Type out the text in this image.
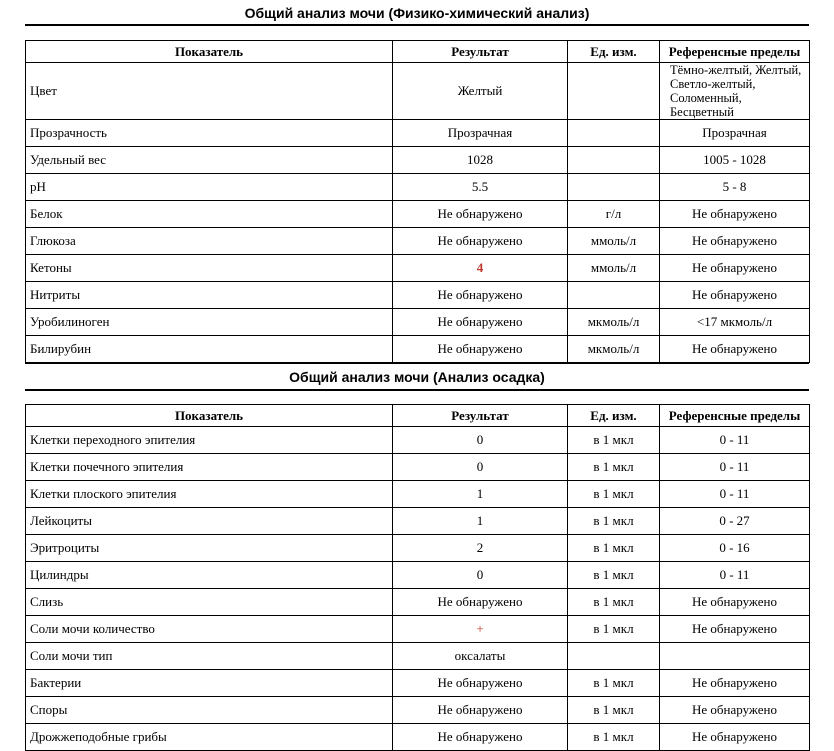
Общий анализ мочи (Физико-химический анализ)
Показатель	Результат	Ед. изм.	Референсные пределы
Цвет	Желтый		Тёмно-желтый, Желтый, Светло-желтый, Соломенный, Бесцветный
Прозрачность	Прозрачная		Прозрачная
Удельный вес	1028		1005 - 1028
pH	5.5		5 - 8
Белок	Не обнаружено	г/л	Не обнаружено
Глюкоза	Не обнаружено	ммоль/л	Не обнаружено
Кетоны	4	ммоль/л	Не обнаружено
Нитриты	Не обнаружено		Не обнаружено
Уробилиноген	Не обнаружено	мкмоль/л	<17 мкмоль/л
Билирубин	Не обнаружено	мкмоль/л	Не обнаружено
Общий анализ мочи (Анализ осадка)
Показатель	Результат	Ед. изм.	Референсные пределы
Клетки переходного эпителия	0	в 1 мкл	0 - 11
Клетки почечного эпителия	0	в 1 мкл	0 - 11
Клетки плоского эпителия	1	в 1 мкл	0 - 11
Лейкоциты	1	в 1 мкл	0 - 27
Эритроциты	2	в 1 мкл	0 - 16
Цилиндры	0	в 1 мкл	0 - 11
Слизь	Не обнаружено	в 1 мкл	Не обнаружено
Соли мочи количество	+	в 1 мкл	Не обнаружено
Соли мочи тип	оксалаты		
Бактерии	Не обнаружено	в 1 мкл	Не обнаружено
Споры	Не обнаружено	в 1 мкл	Не обнаружено
Дрожжеподобные грибы	Не обнаружено	в 1 мкл	Не обнаружено
